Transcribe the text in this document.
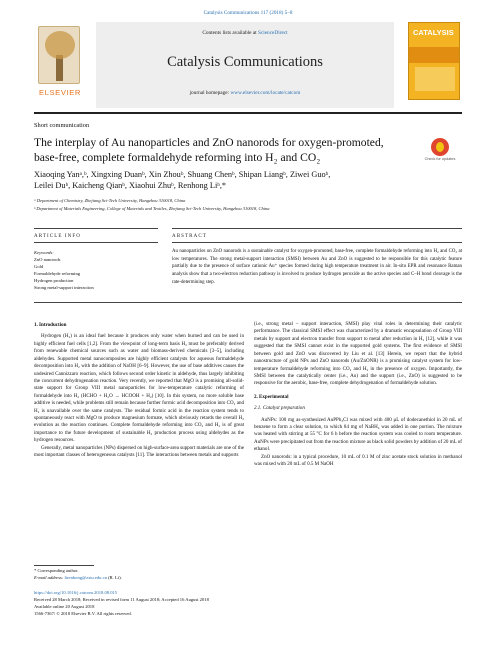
Catalysis Communications 117 (2018) 5–8
ELSEVIER
Contents lists available at ScienceDirect
Catalysis Communications
journal homepage: www.elsevier.com/locate/catcom
CATALYSIS
Short communication
The interplay of Au nanoparticles and ZnO nanorods for oxygen-promoted, base-free, complete formaldehyde reforming into H₂ and CO₂	Check for updates
Xiaoqing Yanᵃ,ᵇ, Xingxing Duanᵇ, Xin Zhouᵇ, Shuang Chenᵇ, Shipan Liangᵇ, Ziwei Guoᵇ,
Leilei Duᵇ, Kaicheng Qianᵇ, Xiaohui Zhuᵇ, Renhong Liᵇ,*
ᵃ Department of Chemistry, Zhejiang Sci-Tech University, Hangzhou 310018, China
ᵇ Department of Materials Engineering, College of Materials and Textiles, Zhejiang Sci-Tech University, Hangzhou 310018, China
ARTICLE INFO	ABSTRACT
Keywords:
ZnO nanorods
Gold
Formaldehyde reforming
Hydrogen production
Strong metal-support interaction
Au nanoparticles on ZnO nanorods is a sustainable catalyst for oxygen-promoted, base-free, complete formaldehyde reforming into H₂ and CO₂ at low temperatures. The strong metal-support interaction (SMSI) between Au and ZnO is suggested to be responsible for this catalytic feature partially due to the presence of surface cationic Au⁺ species formed during high temperature treatment in air. In-situ EPR and resonance Raman analysis show that a two-electron reduction pathway is involved to produce hydrogen peroxide as the active species and C–H bond cleavage is the rate-determining step.
1. Introduction

Hydrogen (H₂) is an ideal fuel because it produces only water when burned and can be used in highly efficient fuel cells [1,2]. From the viewpoint of long-term basis H₂ must be preferably derived from renewable chemical sources such as water and biomass-derived chemicals [3–5], including aldehydes. Supported metal nanocomposites are highly efficient catalysts for aqueous formaldehyde decomposition into H₂ with the addition of NaOH [6–9]. However, the use of base additives causes the undesired Cannizzaro reaction, which follows second order kinetic in aldehyde, thus largely inhibiting the concurrent dehydrogenation reaction. Very recently, we reported that MgO is a promising all-solid-state support for Group VIII metal nanoparticles for low-temperature catalytic reforming of formaldehyde into H₂ (HCHO + H₂O → HCOOH + H₂) [10]. In this system, no more soluble base additive is needed, while problems still remain because further formic acid decomposition into CO₂ and H₂ is unavailable over the same catalysts. The residual formic acid in the reaction system tends to spontaneously react with MgO to produce magnesium formate, which obviously retards the overall H₂ evolution as the reaction continues. Complete formaldehyde reforming into CO₂ and H₂ is of great importance to the future development of sustainable H₂ production process using aldehydes as the hydrogen resources.

Generally, metal nanoparticles (NPs) dispersed on high-surface-area support materials are one of the most important classes of heterogeneous catalysts [11]. The interactions between metals and supports

(i.e., strong metal – support interaction, SMSI) play vital roles in determining their catalytic performance. The classical SMSI effect was characterized by a dramatic encapsulation of Group VIII metals by support and electron transfer from support to metal after reduction in H₂ [12], while it was suggested that the SMSI cannot exist in the supported gold systems. The first evidence of SMSI between gold and ZnO was discovered by Liu et al. [13] Herein, we report that the hybrid nanostructure of gold NPs and ZnO nanorods (Au/ZnONR) is a promising catalyst system for low-temperature formaldehyde reforming into CO₂ and H₂ in the presence of oxygen. Importantly, the SMSI between the catalytically center (i.e., Au) and the support (i.e., ZnO) is suggested to be responsive for the aerobic, base-free, complete dehydrogenation of formaldehyde solution.

2. Experimental
2.1. Catalyst preparation

AuNPs: 100 mg as-synthesized AuPPh₃Cl was mixed with 400 μL of dodecanethiol in 20 mL of benzene to form a clear solution, to which 84 mg of NaBH₄ was added in one portion. The mixture was heated with stirring at 55 °C for 6 h before the reaction system was cooled to room temperature. AuNPs were precipitated out from the reaction mixture as black solid powders by addition of 20 mL of ethanol.

ZnO nanorods: in a typical procedure, 10 mL of 0.1 M of zinc acetate stock solution in methanol was mixed with 20 mL of 0.5 M NaOH

* Corresponding author.
E-mail address: lirenhong@zstu.edu.cn (R. Li).
https://doi.org/10.1016/j.catcom.2018.08.015
Received 28 March 2018; Received in revised form 11 August 2018; Accepted 16 August 2018
Available online 20 August 2018
1566-7367/ © 2018 Elsevier B.V. All rights reserved.
